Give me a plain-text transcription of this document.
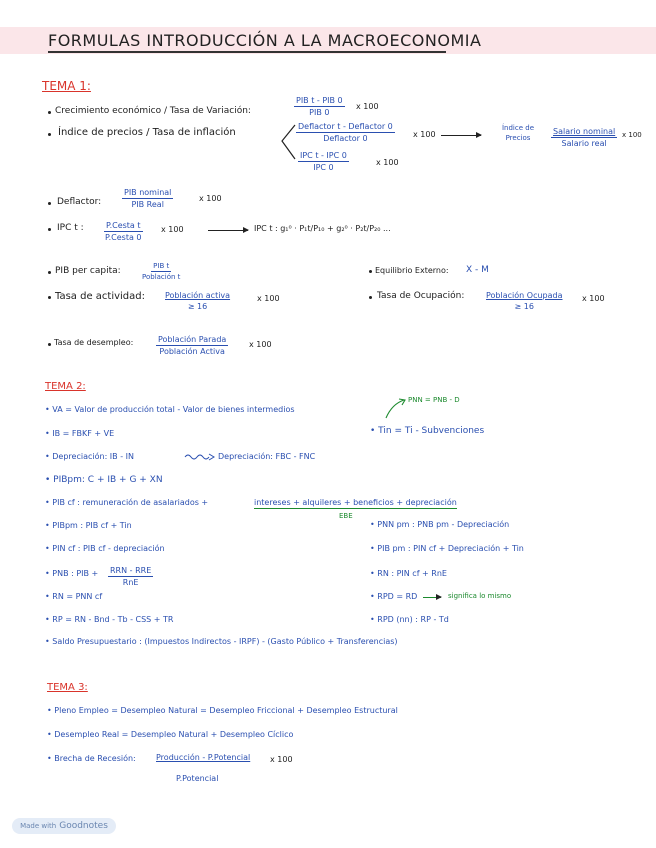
FORMULAS INTRODUCCIÓN A LA MACROECONOMIA
TEMA 1:
Crecimiento económico / Tasa de Variación:
PIB t - PIB 0
PIB 0
x 100
Índice de precios / Tasa de inflación
Deflactor t - Deflactor 0
Deflactor 0	x 100
Índice de Precios
Salario nominal
Salario real
x 100
IPC t - IPC 0
IPC 0
x 100
Deflactor:
PIB nominal
PIB Real
x 100
IPC t :	P.Cesta t
P.Cesta 0
x 100	IPC t : g₁⁰ · P₁t/P₁₀ + g₂⁰ · P₂t/P₂₀ ...
PIB per capita:	PIB t
Población t
Equilibrio Externo: X - M
Tasa de actividad:	Población activa
≥ 16
x 100	Tasa de Ocupación:	Población Ocupada
≥ 16
x 100
Tasa de desempleo:	Población Parada
Población Activa
x 100
TEMA 2:
• VA = Valor de producción total - Valor de bienes intermedios
PNN = PNB - D
• IB = FBKF + VE	• Tin = Ti - Subvenciones
• Depreciación: IB - IN	Depreciación: FBC - FNC
• PIBpm: C + IB + G + XN
• PIB cf : remuneración de asalariados +	intereses + alquileres + beneficios + depreciación
EBE
• PIBpm : PIB cf + Tin	• PNN pm : PNB pm - Depreciación
• PIN cf : PIB cf - depreciación	• PIB pm : PIN cf + Depreciación + Tin
• PNB : PIB + RRN - RRE
RnE
• RN : PIN cf + RnE
• RN = PNN cf	• RPD = RD	significa lo mismo
• RP = RN - Bnd - Tb - CSS + TR	• RPD (nn) : RP - Td
• Saldo Presupuestario : (Impuestos Indirectos - IRPF) - (Gasto Público + Transferencias)
TEMA 3:
• Pleno Empleo = Desempleo Natural = Desempleo Friccional + Desempleo Estructural
• Desempleo Real = Desempleo Natural + Desempleo Cíclico
• Brecha de Recesión:	Producción - P.Potencial x 100
P.Potencial
Made with Goodnotes
